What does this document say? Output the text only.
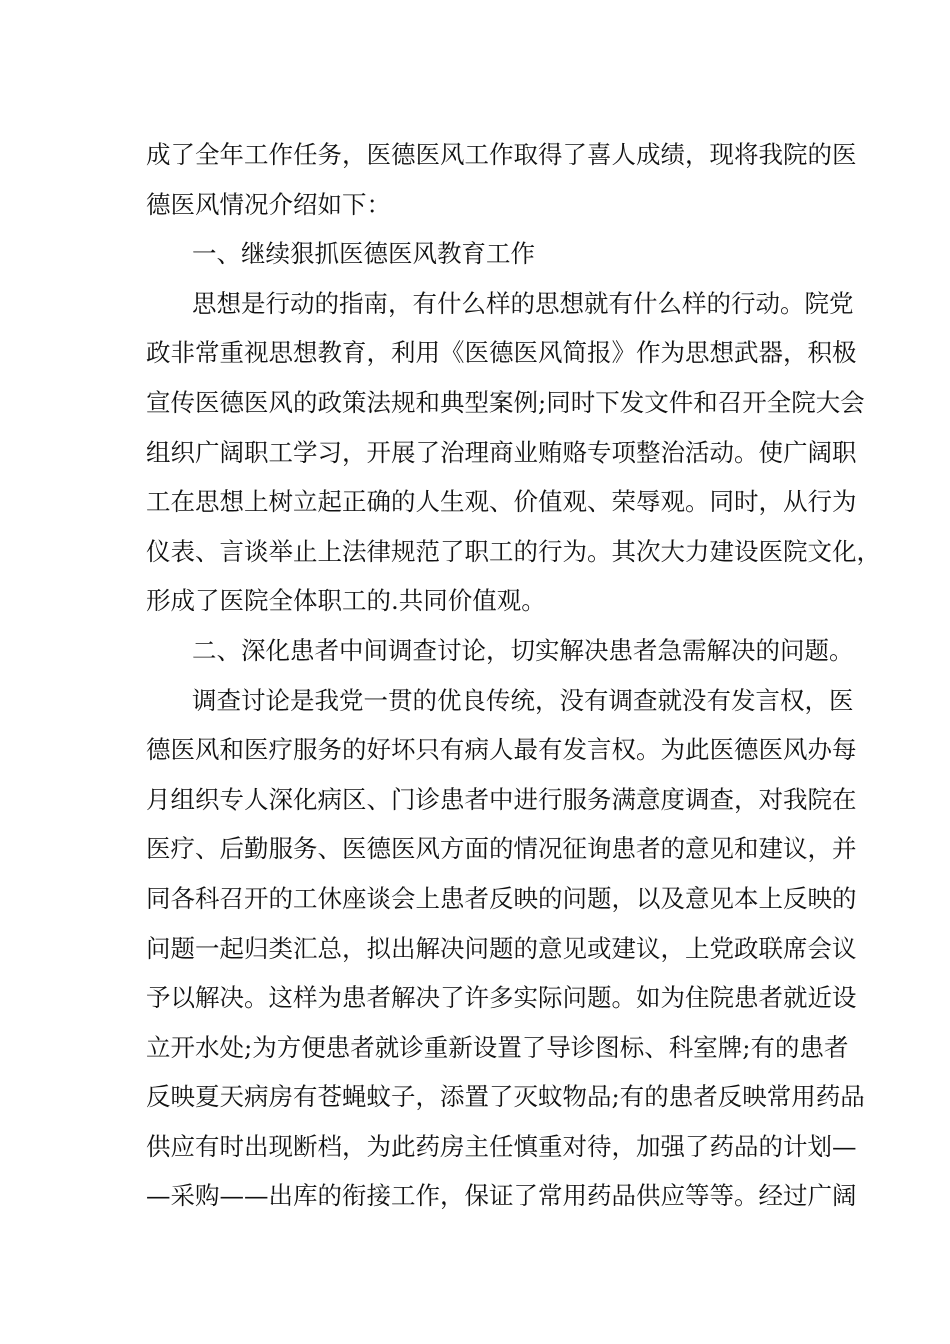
成了全年工作任务，医德医风工作取得了喜人成绩，现将我院的医
德医风情况介绍如下：
一、继续狠抓医德医风教育工作
思想是行动的指南，有什么样的思想就有什么样的行动。院党
政非常重视思想教育，利用《医德医风简报》作为思想武器，积极
宣传医德医风的政策法规和典型案例;同时下发文件和召开全院大会
组织广阔职工学习，开展了治理商业贿赂专项整治活动。使广阔职
工在思想上树立起正确的人生观、价值观、荣辱观。同时，从行为
仪表、言谈举止上法律规范了职工的行为。其次大力建设医院文化，
形成了医院全体职工的.共同价值观。
二、深化患者中间调查讨论，切实解决患者急需解决的问题。
调查讨论是我党一贯的优良传统，没有调查就没有发言权，医
德医风和医疗服务的好坏只有病人最有发言权。为此医德医风办每
月组织专人深化病区、门诊患者中进行服务满意度调查，对我院在
医疗、后勤服务、医德医风方面的情况征询患者的意见和建议，并
同各科召开的工休座谈会上患者反映的问题，以及意见本上反映的
问题一起归类汇总，拟出解决问题的意见或建议，上党政联席会议
予以解决。这样为患者解决了许多实际问题。如为住院患者就近设
立开水处;为方便患者就诊重新设置了导诊图标、科室牌;有的患者
反映夏天病房有苍蝇蚊子，添置了灭蚊物品;有的患者反映常用药品
供应有时出现断档，为此药房主任慎重对待，加强了药品的计划—
—采购——出库的衔接工作，保证了常用药品供应等等。经过广阔
